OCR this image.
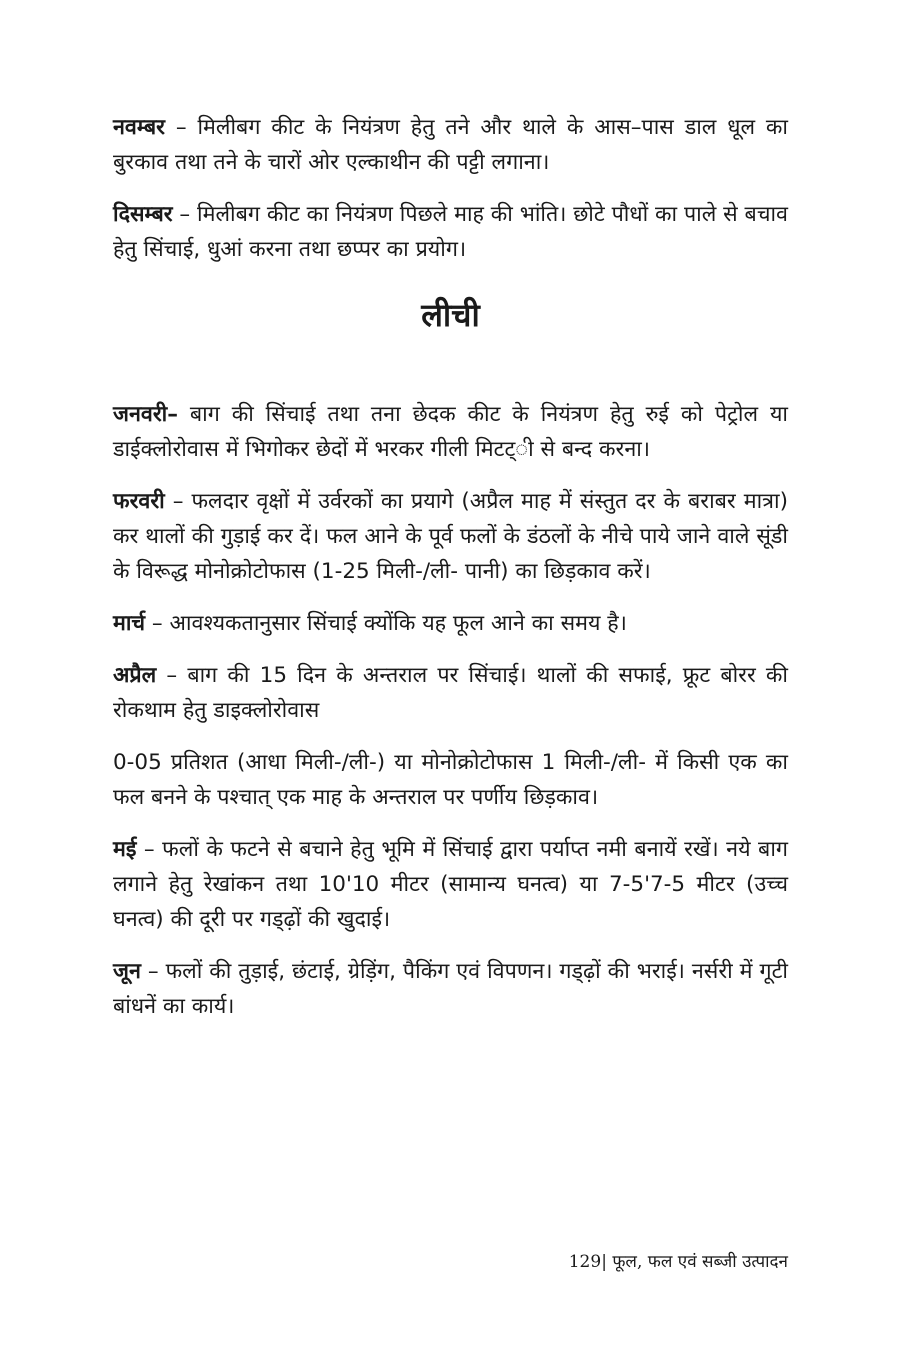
नवम्बर – मिलीबग कीट के नियंत्रण हेतु तने और थाले के आस–पास डाल धूल का बुरकाव तथा तने के चारों ओर एल्काथीन की पट्टी लगाना।

दिसम्बर – मिलीबग कीट का नियंत्रण पिछले माह की भांति। छोटे पौधों का पाले से बचाव हेतु सिंचाई, धुआं करना तथा छप्पर का प्रयोग।

लीची

जनवरी– बाग की सिंचाई तथा तना छेदक कीट के नियंत्रण हेतु रुई को पेट्रोल या डाईक्लोरोवास में भिगोकर छेदों में भरकर गीली मिटट्ी से बन्द करना।

फरवरी – फलदार वृक्षों में उर्वरकों का प्रयागे (अप्रैल माह में संस्तुत दर के बराबर मात्रा) कर थालों की गुड़ाई कर दें। फल आने के पूर्व फलों के डंठलों के नीचे पाये जाने वाले सूंडी के विरूद्ध मोनोक्रोटोफास (1-25 मिली-/ली- पानी) का छिड़काव करें।

मार्च – आवश्यकतानुसार सिंचाई क्योंकि यह फूल आने का समय है।

अप्रैल – बाग की 15 दिन के अन्तराल पर सिंचाई। थालों की सफाई, फ्रूट बोरर की रोकथाम हेतु डाइक्लोरोवास

0-05 प्रतिशत (आधा मिली-/ली-) या मोनोक्रोटोफास 1 मिली-/ली- में किसी एक का फल बनने के पश्चात् एक माह के अन्तराल पर पर्णीय छिड़काव।

मई – फलों के फटने से बचाने हेतु भूमि में सिंचाई द्वारा पर्याप्त नमी बनायें रखें। नये बाग लगाने हेतु रेखांकन तथा 10'10 मीटर (सामान्य घनत्व) या 7-5'7-5 मीटर (उच्च घनत्व) की दूरी पर गड्ढ़ों की खुदाई।

जून – फलों की तुड़ाई, छंटाई, ग्रेड़िंग, पैकिंग एवं विपणन। गड्ढ़ों की भराई। नर्सरी में गूटी बांधनें का कार्य।

129| फूल, फल एवं सब्जी उत्पादन
